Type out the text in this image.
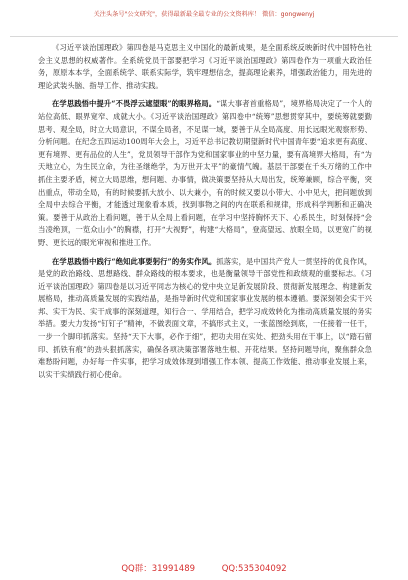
关注头条号"公文研究"，获得最新最全最专业的公文资料库！ 微信：gongwenyj

《习近平谈治国理政》第四卷是马克思主义中国化的最新成果，是全面系统反映新时代中国特色社会主义思想的权威著作。全系统党员干部要把学习《习近平谈治国理政》第四卷作为一项重大政治任务，原原本本学，全面系统学、联系实际学，筑牢理想信念，提高理论素养，增强政治能力，用先进的理论武装头脑、指导工作、推动实践。

在学思践悟中提升“不畏浮云遮望眼”的眼界格局。“谋大事者首重格局”，境界格局决定了一个人的站位高低、眼界宽窄、成就大小。《习近平谈治国理政》第四卷中“统筹”思想贯穿其中，要统筹就要勤思考、观全局，时立大局意识，不谋全局者，不足谋一域，要善于从全局高度、用长远眼光观察形势、分析问题。在纪念五四运动100周年大会上，习近平总书记教切期望新时代中国青年要“追求更有高度、更有境界、更有品位的人生”，党员领导干部作为党和国家事业的中坚力量，要有高境界大格局，有“为天地立心，为生民立命，为往圣继绝学，为万世开太平”的豪情气魄。基层干部要在千头万绪的工作中抓住主要矛盾，树立大局思维，想问题、办事情，做决策要坚持从大局出发，统筹兼顾，综合平衡，突出重点，带动全局，有的时候要抓大放小、以大兼小，有的时候又要以小带大、小中见大，把问题放到全局中去综合平衡，才能透过现象看本质，找到事物之间的内在联系和规律，形成科学判断和正确决策。要善于从政治上看问题，善于从全局上看问题，在学习中坚持胸怀天下、心系民生，时刻保持“会当凌绝顶，一览众山小”的胸襟，打开“大视野”，构建“大格局”，登高望远、放眼全局，以更宽广的视野、更长远的眼光审视和推进工作。

在学思践悟中践行“绝知此事要躬行”的务实作风。抓落实，是中国共产党人一贯坚持的优良作风，是党的政治路线、思想路线、群众路线的根本要求，也是衡量领导干部党性和政绩观的重要标志。《习近平谈治国理政》第四卷是以习近平同志为核心的党中央立足新发展阶段、贯彻新发展理念、构建新发展格局，推动高质量发展的实践结晶，是指导新时代党和国家事业发展的根本遵循。要深刻领会实干兴邦、实干为民、实干成事的深刻道理，知行合一、学用结合，把学习成效转化为推动高质量发展的务实举措。要大力发扬“钉钉子”精神，不做表面文章，不搞形式主义，一张蓝图绘到底，一任接着一任干，一步一个脚印抓落实。坚持“天下大事，必作于细”，把功夫用在实处、把劲头用在干事上，以“踏石留印、抓铁有痕”的劲头狠抓落实，确保各项决策部署落地生根、开花结果。坚持问题导向，聚焦群众急难愁盼问题，办好每一件实事，把学习成效体现到增强工作本领、提高工作效能、推动事业发展上来，以实干实绩践行初心使命。

QQ群：31991489	QQ:535304092
